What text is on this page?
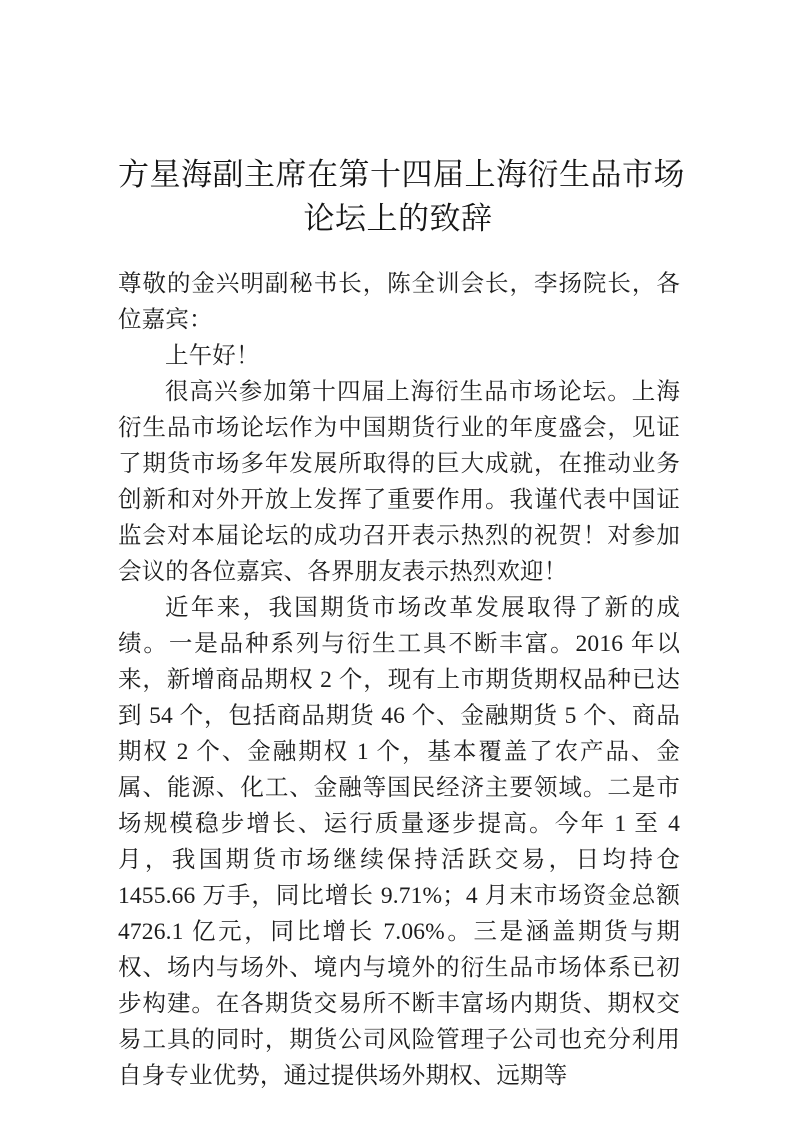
方星海副主席在第十四届上海衍生品市场
论坛上的致辞

尊敬的金兴明副秘书长，陈全训会长，李扬院长，各位嘉宾：

上午好！

很高兴参加第十四届上海衍生品市场论坛。上海衍生品市场论坛作为中国期货行业的年度盛会，见证了期货市场多年发展所取得的巨大成就，在推动业务创新和对外开放上发挥了重要作用。我谨代表中国证监会对本届论坛的成功召开表示热烈的祝贺！对参加会议的各位嘉宾、各界朋友表示热烈欢迎！

近年来，我国期货市场改革发展取得了新的成绩。一是品种系列与衍生工具不断丰富。2016 年以来，新增商品期权 2 个，现有上市期货期权品种已达到 54 个，包括商品期货 46 个、金融期货 5 个、商品期权 2 个、金融期权 1 个，基本覆盖了农产品、金属、能源、化工、金融等国民经济主要领域。二是市场规模稳步增长、运行质量逐步提高。今年 1 至 4 月，我国期货市场继续保持活跃交易，日均持仓 1455.66 万手，同比增长 9.71%；4 月末市场资金总额 4726.1 亿元，同比增长 7.06%。三是涵盖期货与期权、场内与场外、境内与境外的衍生品市场体系已初步构建。在各期货交易所不断丰富场内期货、期权交易工具的同时，期货公司风险管理子公司也充分利用自身专业优势，通过提供场外期权、远期等
